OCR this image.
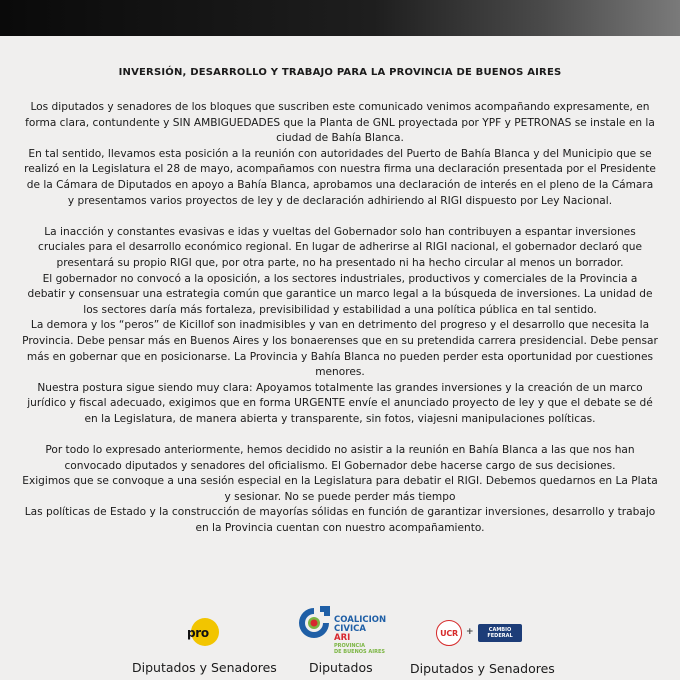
INVERSIÓN, DESARROLLO Y TRABAJO PARA LA PROVINCIA DE BUENOS AIRES

Los diputados y senadores de los bloques que suscriben este comunicado venimos acompañando expresamente, en forma clara, contundente y SIN AMBIGUEDADES que la Planta de GNL proyectada por YPF y PETRONAS se instale en la ciudad de Bahía Blanca.

En tal sentido, llevamos esta posición a la reunión con autoridades del Puerto de Bahía Blanca y del Municipio que se realizó en la Legislatura el 28 de mayo, acompañamos con nuestra firma una declaración presentada por el Presidente de la Cámara de Diputados en apoyo a Bahía Blanca, aprobamos una declaración de interés en el pleno de la Cámara y presentamos varios proyectos de ley y de declaración adhiriendo al RIGI dispuesto por Ley Nacional.

La inacción y constantes evasivas e idas y vueltas del Gobernador solo han contribuyen a espantar inversiones cruciales para el desarrollo económico regional. En lugar de adherirse al RIGI nacional, el gobernador declaró que presentará su propio RIGI que, por otra parte, no ha presentado ni ha hecho circular al menos un borrador.

El gobernador no convocó a la oposición, a los sectores industriales, productivos y comerciales de la Provincia a debatir y consensuar una estrategia común que garantice un marco legal a la búsqueda de inversiones. La unidad de los sectores daría más fortaleza, previsibilidad y estabilidad a una política pública en tal sentido.

La demora y los “peros” de Kicillof son inadmisibles y van en detrimento del progreso y el desarrollo que necesita la Provincia. Debe pensar más en Buenos Aires y los bonaerenses que en su pretendida carrera presidencial. Debe pensar más en gobernar que en posicionarse. La Provincia y Bahía Blanca no pueden perder esta oportunidad por cuestiones menores.

Nuestra postura sigue siendo muy clara: Apoyamos totalmente las grandes inversiones y la creación de un marco jurídico y fiscal adecuado, exigimos que en forma URGENTE envíe el anunciado proyecto de ley y que el debate se dé en la Legislatura, de manera abierta y transparente, sin fotos, viajesni manipulaciones políticas.

Por todo lo expresado anteriormente, hemos decidido no asistir a la reunión en Bahía Blanca a las que nos han convocado diputados y senadores del oficialismo. El Gobernador debe hacerse cargo de sus decisiones.

Exigimos que se convoque a una sesión especial en la Legislatura para debatir el RIGI. Debemos quedarnos en La Plata y sesionar. No se puede perder más tiempo

Las políticas de Estado y la construcción de mayorías sólidas en función de garantizar inversiones, desarrollo y trabajo en la Provincia cuentan con nuestro acompañamiento.

pro
COALICION
CIVICA
ARI
PROVINCIA
DE BUENOS AIRES
UCR +	CAMBIO
FEDERAL
Diputados y Senadores	Diputados	Diputados y Senadores
